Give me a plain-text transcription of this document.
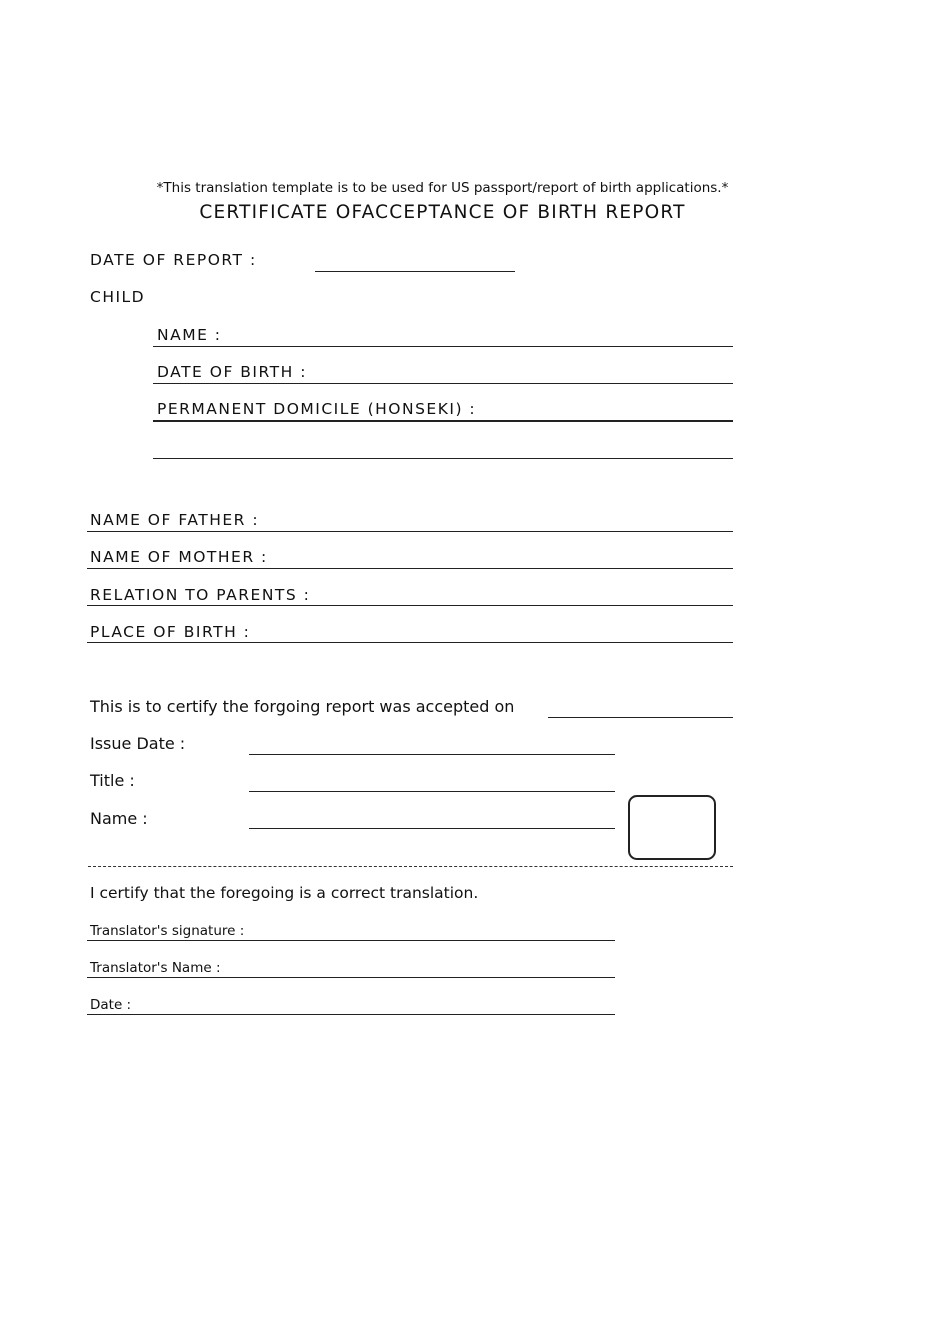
*This translation template is to be used for US passport/report of birth applications.*
CERTIFICATE OFACCEPTANCE OF BIRTH REPORT
DATE OF REPORT :
CHILD
NAME :
DATE OF BIRTH :
PERMANENT DOMICILE (HONSEKI) :
NAME OF FATHER :
NAME OF MOTHER :
RELATION TO PARENTS :
PLACE OF BIRTH :
This is to certify the forgoing report was accepted on
Issue Date :
Title :
Name :
I certify that the foregoing is a correct translation.
Translator's signature :
Translator's Name :
Date :
